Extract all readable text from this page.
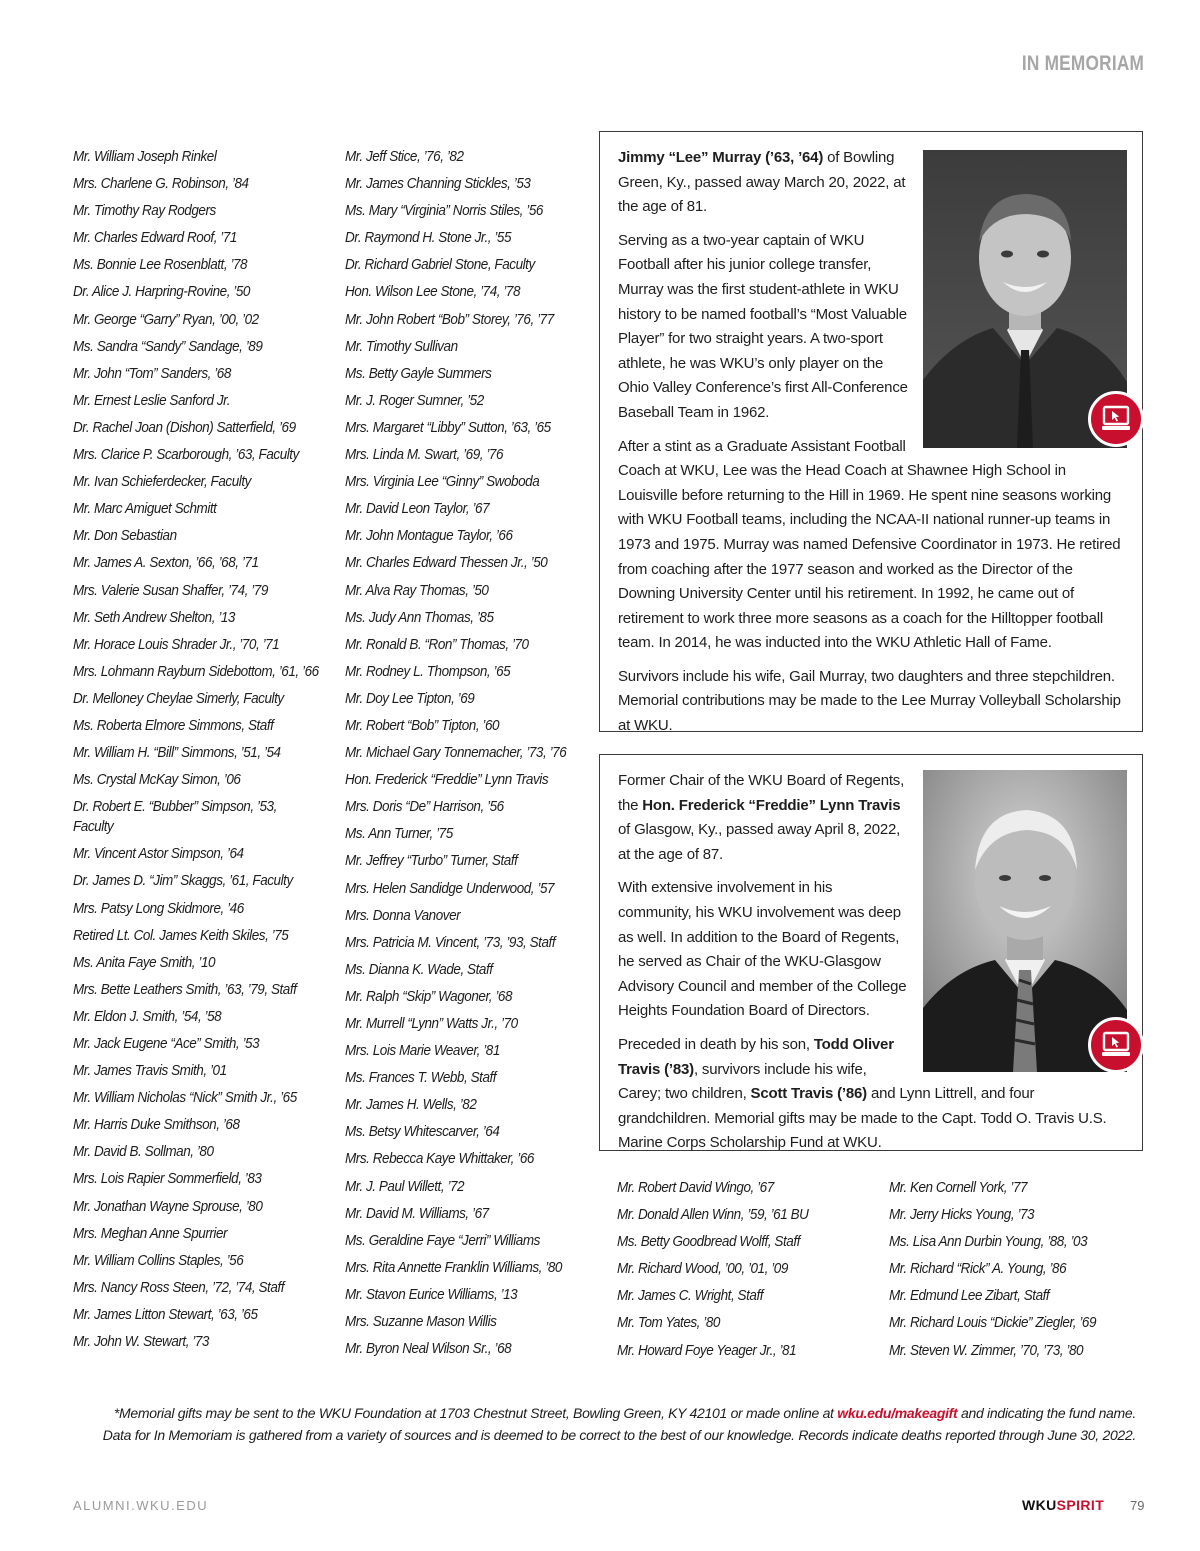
IN MEMORIAM
Mr. William Joseph Rinkel
Mrs. Charlene G. Robinson, ’84
Mr. Timothy Ray Rodgers
Mr. Charles Edward Roof, ’71
Ms. Bonnie Lee Rosenblatt, ’78
Dr. Alice J. Harpring-Rovine, ’50
Mr. George “Garry” Ryan, ’00, ’02
Ms. Sandra “Sandy” Sandage, ’89
Mr. John “Tom” Sanders, ’68
Mr. Ernest Leslie Sanford Jr.
Dr. Rachel Joan (Dishon) Satterfield, ’69
Mrs. Clarice P. Scarborough, ’63, Faculty
Mr. Ivan Schieferdecker, Faculty
Mr. Marc Amiguet Schmitt
Mr. Don Sebastian
Mr. James A. Sexton, ’66, ’68, ’71
Mrs. Valerie Susan Shaffer, ’74, ’79
Mr. Seth Andrew Shelton, ’13
Mr. Horace Louis Shrader Jr., ’70, ’71
Mrs. Lohmann Rayburn Sidebottom, ’61, ’66
Dr. Melloney Cheylae Simerly, Faculty
Ms. Roberta Elmore Simmons, Staff
Mr. William H. “Bill” Simmons, ’51, ’54
Ms. Crystal McKay Simon, ’06
Dr. Robert E. “Bubber” Simpson, ’53, Faculty
Mr. Vincent Astor Simpson, ’64
Dr. James D. “Jim” Skaggs, ’61, Faculty
Mrs. Patsy Long Skidmore, ’46
Retired Lt. Col. James Keith Skiles, ’75
Ms. Anita Faye Smith, ’10
Mrs. Bette Leathers Smith, ’63, ’79, Staff
Mr. Eldon J. Smith, ’54, ’58
Mr. Jack Eugene “Ace” Smith, ’53
Mr. James Travis Smith, ’01
Mr. William Nicholas “Nick” Smith Jr., ’65
Mr. Harris Duke Smithson, ’68
Mr. David B. Sollman, ’80
Mrs. Lois Rapier Sommerfield, ’83
Mr. Jonathan Wayne Sprouse, ’80
Mrs. Meghan Anne Spurrier
Mr. William Collins Staples, ’56
Mrs. Nancy Ross Steen, ’72, ’74, Staff
Mr. James Litton Stewart, ’63, ’65
Mr. John W. Stewart, ’73
Mr. Jeff Stice, ’76, ’82
Mr. James Channing Stickles, ’53
Ms. Mary “Virginia” Norris Stiles, ’56
Dr. Raymond H. Stone Jr., ’55
Dr. Richard Gabriel Stone, Faculty
Hon. Wilson Lee Stone, ’74, ’78
Mr. John Robert “Bob” Storey, ’76, ’77
Mr. Timothy Sullivan
Ms. Betty Gayle Summers
Mr. J. Roger Sumner, ’52
Mrs. Margaret “Libby” Sutton, ’63, ’65
Mrs. Linda M. Swart, ’69, ’76
Mrs. Virginia Lee “Ginny” Swoboda
Mr. David Leon Taylor, ’67
Mr. John Montague Taylor, ’66
Mr. Charles Edward Thessen Jr., ’50
Mr. Alva Ray Thomas, ’50
Ms. Judy Ann Thomas, ’85
Mr. Ronald B. “Ron” Thomas, ’70
Mr. Rodney L. Thompson, ’65
Mr. Doy Lee Tipton, ’69
Mr. Robert “Bob” Tipton, ’60
Mr. Michael Gary Tonnemacher, ’73, ’76
Hon. Frederick “Freddie” Lynn Travis
Mrs. Doris “De” Harrison, ’56
Ms. Ann Turner, ’75
Mr. Jeffrey “Turbo” Turner, Staff
Mrs. Helen Sandidge Underwood, ’57
Mrs. Donna Vanover
Mrs. Patricia M. Vincent, ’73, ’93, Staff
Ms. Dianna K. Wade, Staff
Mr. Ralph “Skip” Wagoner, ’68
Mr. Murrell “Lynn” Watts Jr., ’70
Mrs. Lois Marie Weaver, ’81
Ms. Frances T. Webb, Staff
Mr. James H. Wells, ’82
Ms. Betsy Whitescarver, ’64
Mrs. Rebecca Kaye Whittaker, ’66
Mr. J. Paul Willett, ’72
Mr. David M. Williams, ’67
Ms. Geraldine Faye “Jerri” Williams
Mrs. Rita Annette Franklin Williams, ’80
Mr. Stavon Eurice Williams, ’13
Mrs. Suzanne Mason Willis
Mr. Byron Neal Wilson Sr., ’68

Jimmy “Lee” Murray (’63, ’64) of Bowling Green, Ky., passed away March 20, 2022, at the age of 81.

Serving as a two-year captain of WKU Football after his junior college transfer, Murray was the first student-athlete in WKU history to be named football’s “Most Valuable Player” for two straight years. A two-sport athlete, he was WKU’s only player on the Ohio Valley Conference’s first All-Conference Baseball Team in 1962.

After a stint as a Graduate Assistant Football Coach at WKU, Lee was the Head Coach at Shawnee High School in Louisville before returning to the Hill in 1969. He spent nine seasons working with WKU Football teams, including the NCAA-II national runner-up teams in 1973 and 1975. Murray was named Defensive Coordinator in 1973. He retired from coaching after the 1977 season and worked as the Director of the Downing University Center until his retirement. In 1992, he came out of retirement to work three more seasons as a coach for the Hilltopper football team. In 2014, he was inducted into the WKU Athletic Hall of Fame.

Survivors include his wife, Gail Murray, two daughters and three stepchildren. Memorial contributions may be made to the Lee Murray Volleyball Scholarship at WKU.

Former Chair of the WKU Board of Regents, the Hon. Frederick “Freddie” Lynn Travis of Glasgow, Ky., passed away April 8, 2022, at the age of 87.

With extensive involvement in his community, his WKU involvement was deep as well. In addition to the Board of Regents, he served as Chair of the WKU-Glasgow Advisory Council and member of the College Heights Foundation Board of Directors.

Preceded in death by his son, Todd Oliver Travis (’83), survivors include his wife, Carey; two children, Scott Travis (’86) and Lynn Littrell, and four grandchildren. Memorial gifts may be made to the Capt. Todd O. Travis U.S. Marine Corps Scholarship Fund at WKU.

Mr. Robert David Wingo, ’67
Mr. Donald Allen Winn, ’59, ’61 BU
Ms. Betty Goodbread Wolff, Staff
Mr. Richard Wood, ’00, ’01, ’09
Mr. James C. Wright, Staff
Mr. Tom Yates, ’80
Mr. Howard Foye Yeager Jr., ’81
Mr. Ken Cornell York, ’77
Mr. Jerry Hicks Young, ’73
Ms. Lisa Ann Durbin Young, ’88, ’03
Mr. Richard “Rick” A. Young, ’86
Mr. Edmund Lee Zibart, Staff
Mr. Richard Louis “Dickie” Ziegler, ’69
Mr. Steven W. Zimmer, ’70, ’73, ’80
*Memorial gifts may be sent to the WKU Foundation at 1703 Chestnut Street, Bowling Green, KY 42101 or made online at wku.edu/makeagift and indicating the fund name. Data for In Memoriam is gathered from a variety of sources and is deemed to be correct to the best of our knowledge. Records indicate deaths reported through June 30, 2022.
ALUMNI.WKU.EDU	WKUSPIRIT 79
